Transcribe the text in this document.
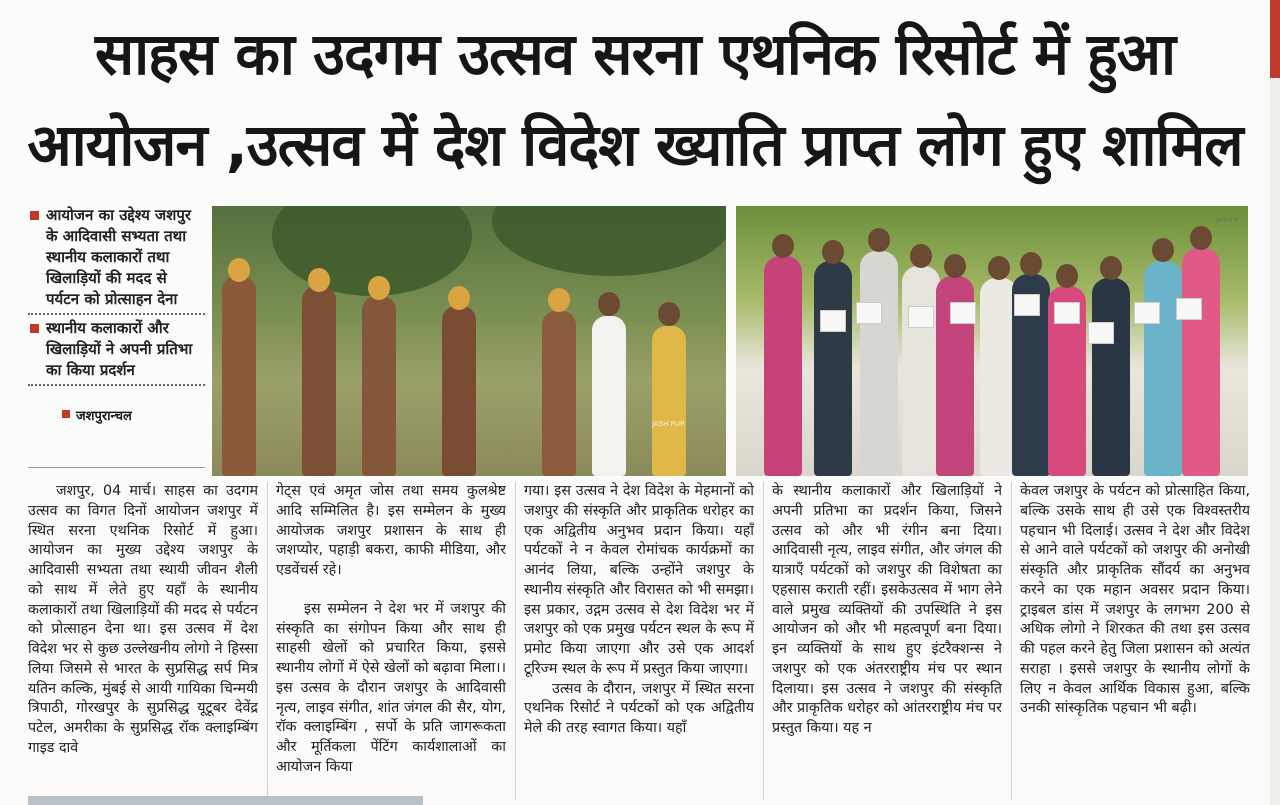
साहस का उदगम उत्सव सरना एथनिक रिसोर्ट में हुआ
आयोजन ,उत्सव में देश विदेश ख्याति प्राप्त लोग हुए शामिल
आयोजन का उद्देश्य जशपुर के आदिवासी सभ्यता तथा स्थानीय कलाकारों तथा खिलाड़ियों की मदद से पर्यटन को प्रोत्साहन देना
स्थानीय कलाकारों और खिलाड़ियों ने अपनी प्रतिभा का किया प्रदर्शन
जशपुरान्चल	JASH PUR
JASH P
जशपुर, 04 मार्च। साहस का उदगम उत्सव का विगत दिनों आयोजन जशपुर में स्थित सरना एथनिक रिसोर्ट में हुआ। आयोजन का मुख्य उद्देश्य जशपुर के आदिवासी सभ्यता तथा स्थायी जीवन शैली को साथ में लेते हुए यहाँ के स्थानीय कलाकारों तथा खिलाड़ियों की मदद से पर्यटन को प्रोत्साहन देना था। इस उत्सव में देश विदेश भर से कुछ उल्लेखनीय लोगो ने हिस्सा लिया जिसमे से भारत के सुप्रसिद्ध सर्प मित्र यतिन कल्कि, मुंबई से आयी गायिका चिन्मयी त्रिपाठी, गोरखपुर के सुप्रसिद्ध यूटूबर देवेंद्र पटेल, अमरीका के सुप्रसिद्ध रॉक क्लाइम्बिंग गाइड दावे

गेट्स एवं अमृत जोस तथा समय कुलश्रेष्ट आदि सम्मिलित है। इस सम्मेलन के मुख्य आयोजक जशपुर प्रशासन के साथ ही जशप्योर, पहाड़ी बकरा, काफी मीडिया, और एडवेंचर्स रहे।

इस सम्मेलन ने देश भर में जशपुर की संस्कृति का संगोपन किया और साथ ही साहसी खेलों को प्रचारित किया, इससे स्थानीय लोगों में ऐसे खेलों को बढ़ावा मिला।। इस उत्सव के दौरान जशपुर के आदिवासी नृत्य, लाइव संगीत, शांत जंगल की सैर, योग, रॉक क्लाइम्बिंग , सर्पो के प्रति जागरूकता और मूर्तिकला पेंटिंग कार्यशालाओं का आयोजन किया

गया। इस उत्सव ने देश विदेश के मेहमानों को जशपुर की संस्कृति और प्राकृतिक धरोहर का एक अद्वितीय अनुभव प्रदान किया। यहाँ पर्यटकों ने न केवल रोमांचक कार्यक्रमों का आनंद लिया, बल्कि उन्होंने जशपुर के स्थानीय संस्कृति और विरासत को भी समझा। इस प्रकार, उद्गम उत्सव से देश विदेश भर में जशपुर को एक प्रमुख पर्यटन स्थल के रूप में प्रमोट किया जाएगा और उसे एक आदर्श टूरिज्म स्थल के रूप में प्रस्तुत किया जाएगा।

उत्सव के दौरान, जशपुर में स्थित सरना एथनिक रिसोर्ट ने पर्यटकों को एक अद्वितीय मेले की तरह स्वागत किया। यहाँ

के स्थानीय कलाकारों और खिलाड़ियों ने अपनी प्रतिभा का प्रदर्शन किया, जिसने उत्सव को और भी रंगीन बना दिया। आदिवासी नृत्य, लाइव संगीत, और जंगल की यात्राएँ पर्यटकों को जशपुर की विशेषता का एहसास कराती रहीं। इसकेउत्सव में भाग लेने वाले प्रमुख व्यक्तियों की उपस्थिति ने इस आयोजन को और भी महत्वपूर्ण बना दिया। इन व्यक्तियों के साथ हुए इंटरैक्शन्स ने जशपुर को एक अंतरराष्ट्रीय मंच पर स्थान दिलाया। इस उत्सव ने जशपुर की संस्कृति और प्राकृतिक धरोहर को आंतरराष्ट्रीय मंच पर प्रस्तुत किया। यह न

केवल जशपुर के पर्यटन को प्रोत्साहित किया, बल्कि उसके साथ ही उसे एक विश्वस्तरीय पहचान भी दिलाई। उत्सव ने देश और विदेश से आने वाले पर्यटकों को जशपुर की अनोखी संस्कृति और प्राकृतिक सौंदर्य का अनुभव करने का एक महान अवसर प्रदान किया। ट्राइबल डांस में जशपुर के लगभग 200 से अधिक लोगो ने शिरकत की तथा इस उत्सव की पहल करने हेतु जिला प्रशासन को अत्यंत सराहा । इससे जशपुर के स्थानीय लोगों के लिए न केवल आर्थिक विकास हुआ, बल्कि उनकी सांस्कृतिक पहचान भी बढ़ी।
